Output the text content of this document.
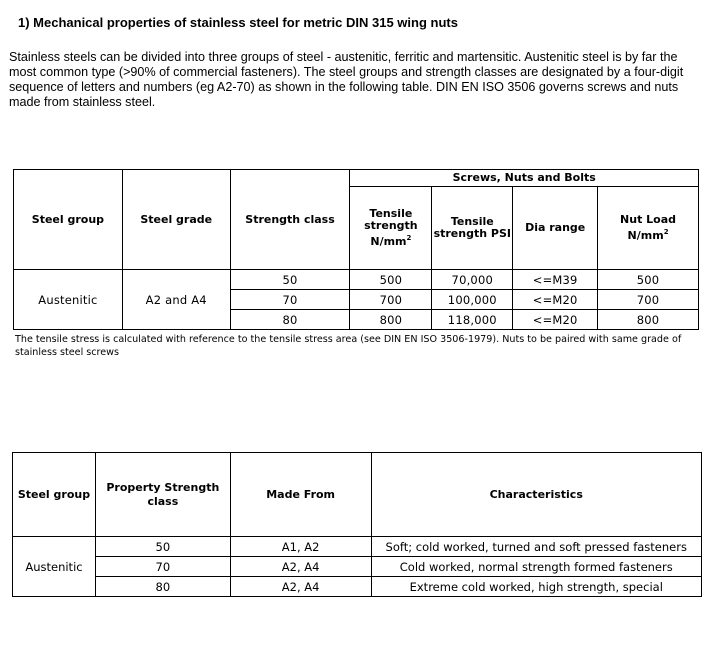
1) Mechanical properties of stainless steel for metric DIN 315 wing nuts
Stainless steels can be divided into three groups of steel - austenitic, ferritic and martensitic. Austenitic steel is by far the most common type (>90% of commercial fasteners). The steel groups and strength classes are designated by a four-digit sequence of letters and numbers (eg A2-70) as shown in the following table. DIN EN ISO 3506 governs screws and nuts made from stainless steel.
Steel group	Steel grade	Strength class	Screws, Nuts and Bolts			
			Tensile strength $N/mm^2$	Tensile strength PSI	Dia range	Nut Load $N/mm^2$
Austenitic	A2 and A4	50	500	70,000	<=M39	500
		70	700	100,000	<=M20	700
		80	800	118,000	<=M20	800
The tensile stress is calculated with reference to the tensile stress area (see DIN EN ISO 3506-1979). Nuts to be paired with same grade of stainless steel screws
Steel group	Property Strength class	Made From	Characteristics
Austenitic	50	A1, A2	Soft; cold worked, turned and soft pressed fasteners
	70	A2, A4	Cold worked, normal strength formed fasteners
	80	A2, A4	Extreme cold worked, high strength, special
